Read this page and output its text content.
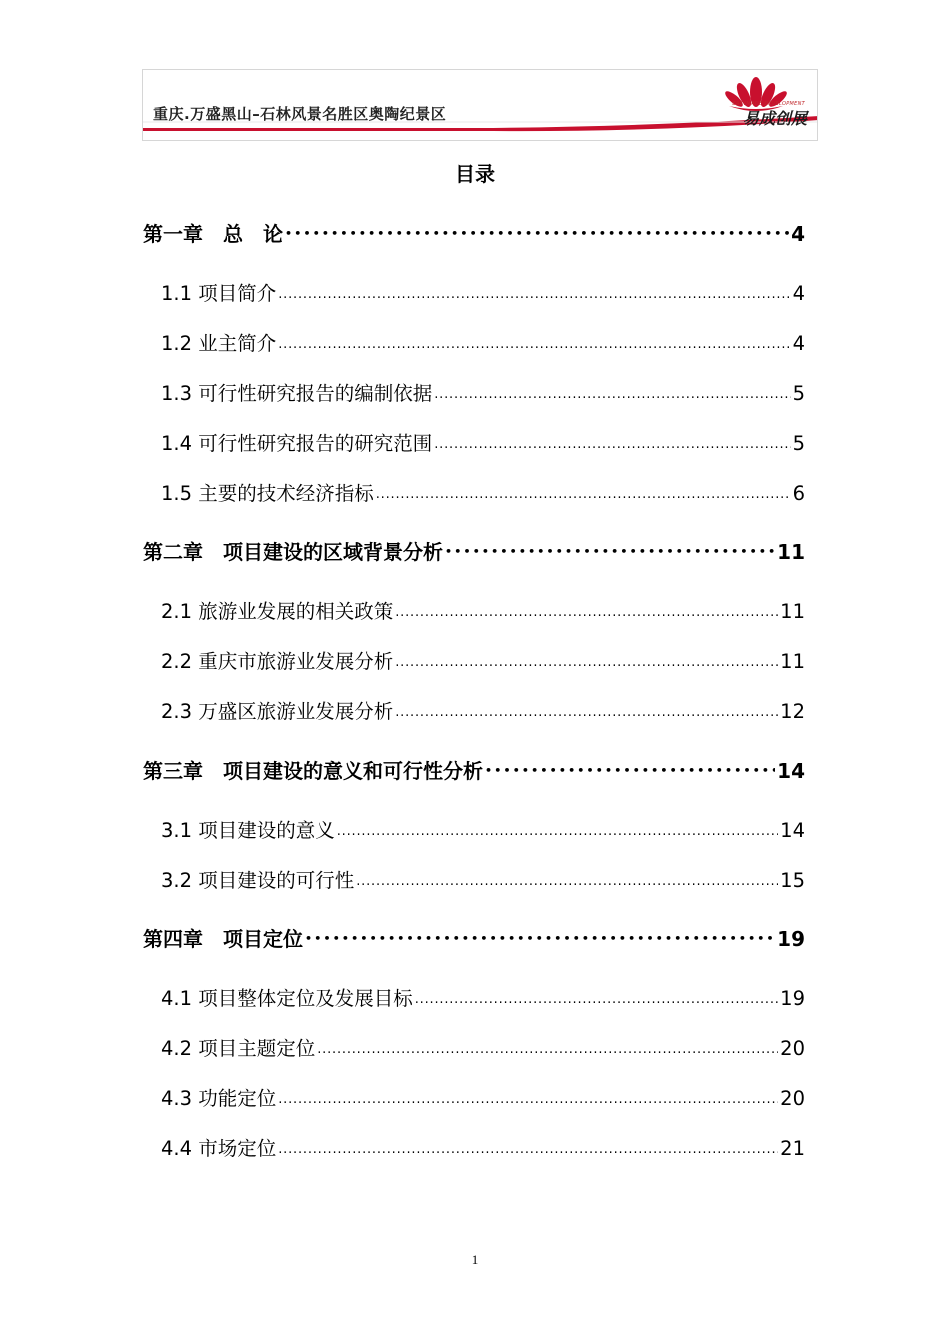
重庆.万盛黑山–石林风景名胜区奥陶纪景区
EASYMADE DEVELOPMENT
易成创展
目录
第一章　总　论 •••••	4
1.1 项目简介 .....	4
1.2 业主简介 .....	4
1.3 可行性研究报告的编制依据 .....	5
1.4 可行性研究报告的研究范围 .....	5
1.5 主要的技术经济指标 .....	6
第二章　项目建设的区域背景分析 •••••	11
2.1 旅游业发展的相关政策 .....	11
2.2 重庆市旅游业发展分析 .....	11
2.3 万盛区旅游业发展分析 .....	12
第三章　项目建设的意义和可行性分析 •••••	14
3.1 项目建设的意义 .....	14
3.2 项目建设的可行性 .....	15
第四章　项目定位 •••••	19
4.1 项目整体定位及发展目标 .....	19
4.2 项目主题定位 .....	20
4.3 功能定位 .....	20
4.4 市场定位 .....	21
1
